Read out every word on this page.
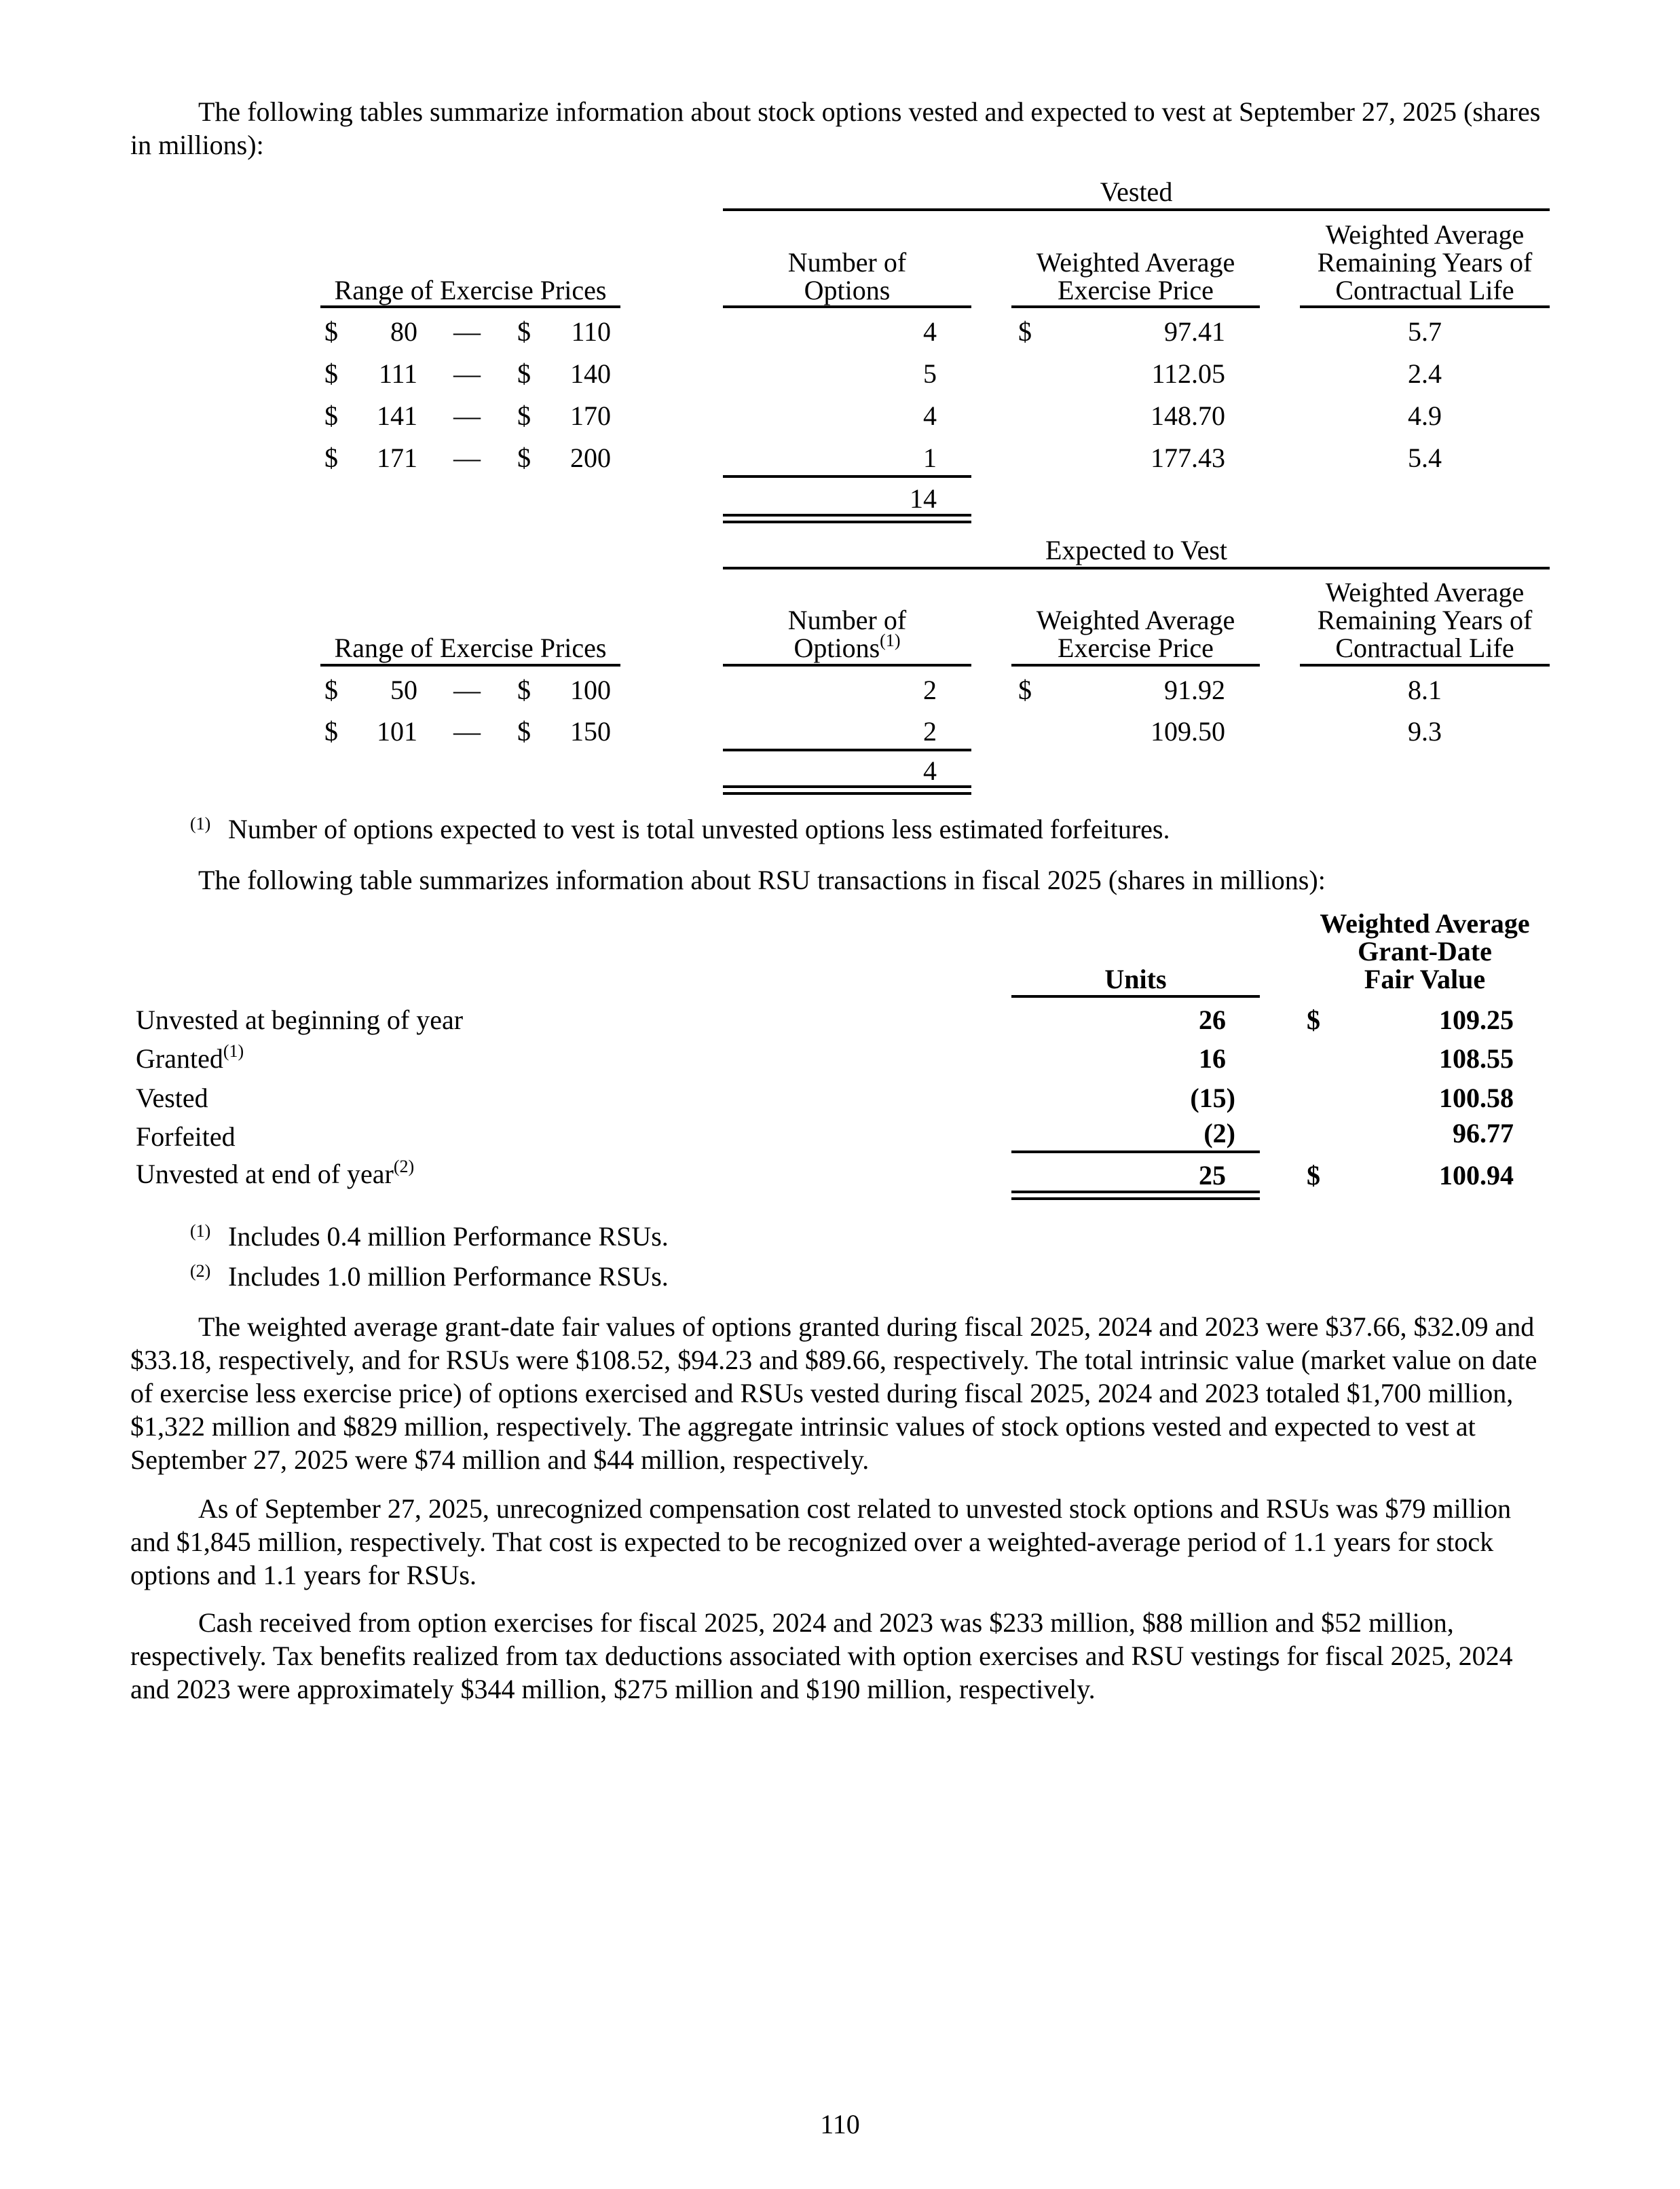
The following tables summarize information about stock options vested and expected to vest at September 27, 2025 (shares in millions):

Vested
Range of Exercise Prices
Number of
Options
Weighted Average
Exercise Price
Weighted Average
Remaining Years of
Contractual Life
$	80 — $	110	4	$	97.41	5.7
$	111 — $	140	5	112.05	2.4
$	141 — $	170	4	148.70	4.9
$	171 — $	200	1	177.43	5.4
14
Expected to Vest
Range of Exercise Prices
Number of
Options$^{(1)}$
Weighted Average
Exercise Price
Weighted Average
Remaining Years of
Contractual Life
$	50 — $	100	2	$	91.92	8.1
$	101 — $	150	2	109.50	9.3
4
(1) Number of options expected to vest is total unvested options less estimated forfeitures.

The following table summarizes information about RSU transactions in fiscal 2025 (shares in millions):

Units
Weighted Average
Grant-Date
Fair Value
Unvested at beginning of year	26	$	109.25
Granted$^{(1)}$	16	108.55
Vested	(15)	100.58
Forfeited	(2)	96.77
Unvested at end of year$^{(2)}$	25	$	100.94
(1) Includes 0.4 million Performance RSUs.
(2) Includes 1.0 million Performance RSUs.

The weighted average grant-date fair values of options granted during fiscal 2025, 2024 and 2023 were $37.66, $32.09 and $33.18, respectively, and for RSUs were $108.52, $94.23 and $89.66, respectively. The total intrinsic value (market value on date of exercise less exercise price) of options exercised and RSUs vested during fiscal 2025, 2024 and 2023 totaled $1,700 million, $1,322 million and $829 million, respectively. The aggregate intrinsic values of stock options vested and expected to vest at September 27, 2025 were $74 million and $44 million, respectively.

As of September 27, 2025, unrecognized compensation cost related to unvested stock options and RSUs was $79 million and $1,845 million, respectively. That cost is expected to be recognized over a weighted-average period of 1.1 years for stock options and 1.1 years for RSUs.

Cash received from option exercises for fiscal 2025, 2024 and 2023 was $233 million, $88 million and $52 million, respectively. Tax benefits realized from tax deductions associated with option exercises and RSU vestings for fiscal 2025, 2024 and 2023 were approximately $344 million, $275 million and $190 million, respectively.

110
